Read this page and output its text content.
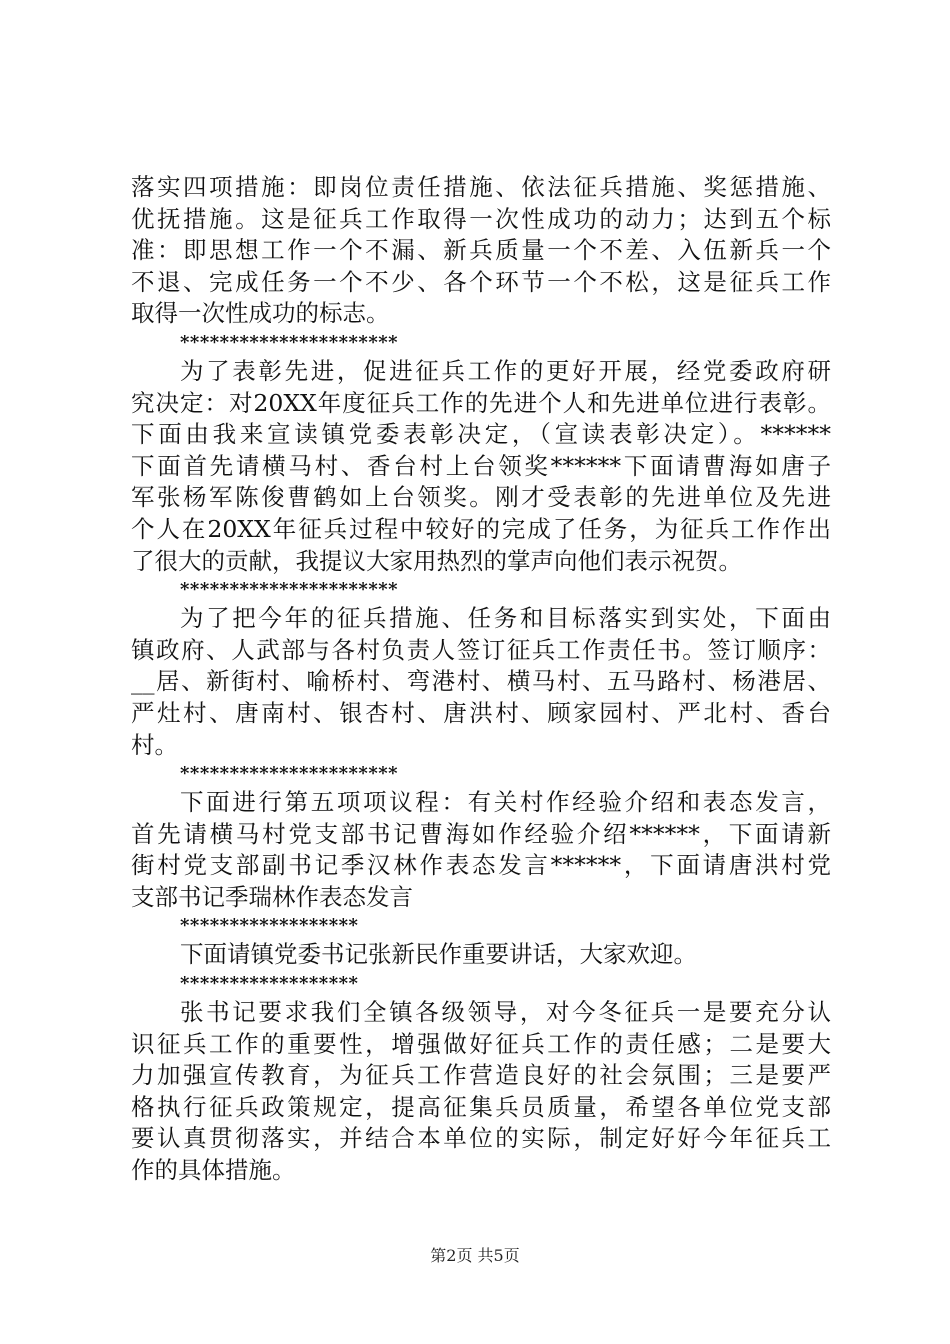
落实四项措施：即岗位责任措施、依法征兵措施、奖惩措施、
优抚措施。这是征兵工作取得一次性成功的动力；达到五个标
准：即思想工作一个不漏、新兵质量一个不差、入伍新兵一个
不退、完成任务一个不少、各个环节一个不松，这是征兵工作
取得一次性成功的标志。
**********************
为了表彰先进，促进征兵工作的更好开展，经党委政府研
究决定：对20XX年度征兵工作的先进个人和先进单位进行表彰。
下面由我来宣读镇党委表彰决定，（宣读表彰决定）。******
下面首先请横马村、香台村上台领奖******下面请曹海如唐子
军张杨军陈俊曹鹤如上台领奖。刚才受表彰的先进单位及先进
个人在20XX年征兵过程中较好的完成了任务，为征兵工作作出
了很大的贡献，我提议大家用热烈的掌声向他们表示祝贺。
**********************
为了把今年的征兵措施、任务和目标落实到实处，下面由
镇政府、人武部与各村负责人签订征兵工作责任书。签订顺序：
__居、新街村、喻桥村、弯港村、横马村、五马路村、杨港居、
严灶村、唐南村、银杏村、唐洪村、顾家园村、严北村、香台
村。
**********************
下面进行第五项项议程：有关村作经验介绍和表态发言，
首先请横马村党支部书记曹海如作经验介绍******，下面请新
街村党支部副书记季汉林作表态发言******，下面请唐洪村党
支部书记季瑞林作表态发言
******************
下面请镇党委书记张新民作重要讲话，大家欢迎。
******************
张书记要求我们全镇各级领导，对今冬征兵一是要充分认
识征兵工作的重要性，增强做好征兵工作的责任感；二是要大
力加强宣传教育，为征兵工作营造良好的社会氛围；三是要严
格执行征兵政策规定，提高征集兵员质量，希望各单位党支部
要认真贯彻落实，并结合本单位的实际，制定好好今年征兵工
作的具体措施。
第2页 共5页
